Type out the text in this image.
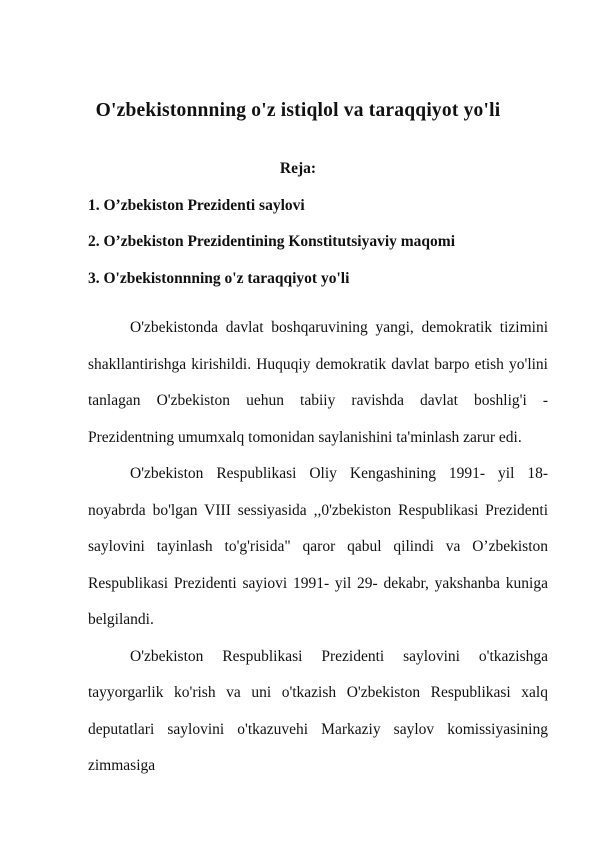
O'zbekistonnning o'z istiqlol va taraqqiyot yo'li
Reja:
1. O’zbekiston Prezidenti saylovi
2. O’zbekiston Prezidentining Konstitutsiyaviy maqomi
3. O'zbekistonnning o'z taraqqiyot yo'li

O'zbekistonda davlat boshqaruvining yangi, demokratik tizimini shakllantirishga kirishildi. Huquqiy demokratik davlat barpo etish yo'lini tanlagan O'zbekiston uehun tabiiy ravishda davlat boshlig'i - Prezidentning umumxalq tomonidan saylanishini ta'minlash zarur edi.

O'zbekiston Respublikasi Oliy Kengashining 1991- yil 18-noyabrda bo'lgan VIII sessiyasida ,,0'zbekiston Respublikasi Prezidenti saylovini tayinlash to'g'risida" qaror qabul qilindi va O’zbekiston Respublikasi Prezidenti sayiovi 1991- yil 29- dekabr, yakshanba kuniga belgilandi.

O'zbekiston Respublikasi Prezidenti saylovini o'tkazishga tayyorgarlik ko'rish va uni o'tkazish O'zbekiston Respublikasi xalq deputatlari saylovini o'tkazuvehi Markaziy saylov komissiyasining zimmasiga
